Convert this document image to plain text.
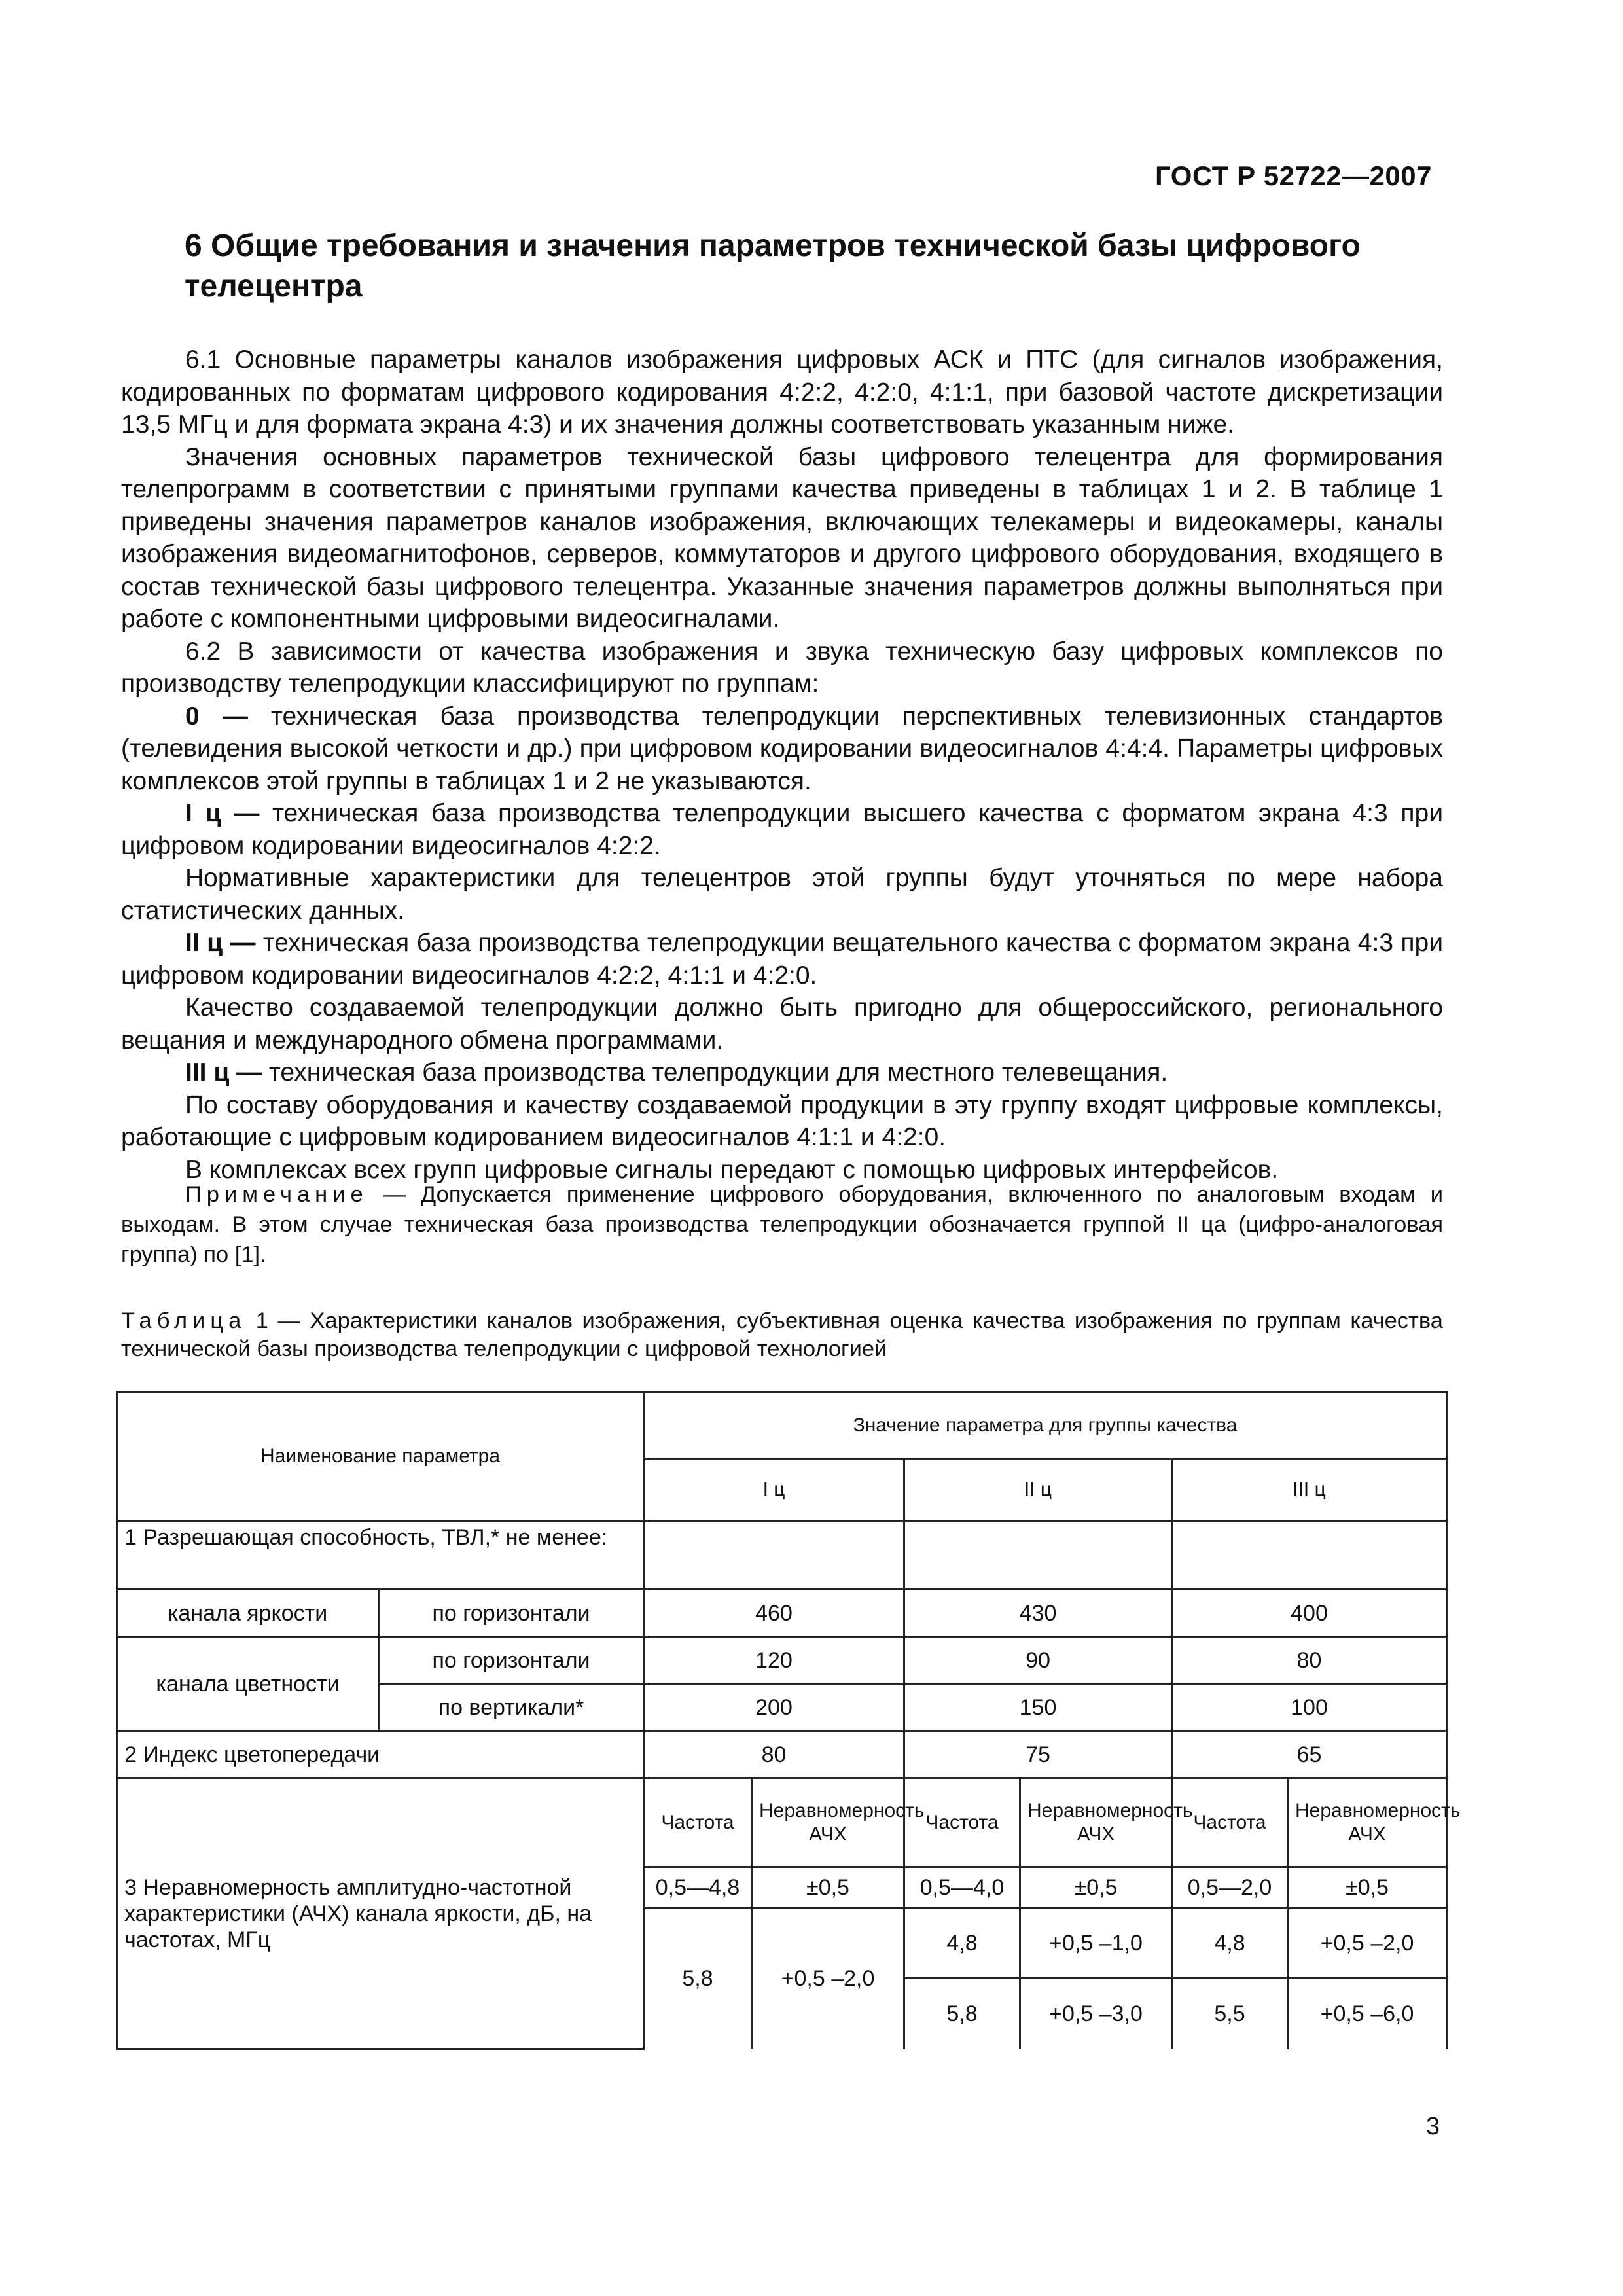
ГОСТ Р 52722—2007
6 Общие требования и значения параметров технической базы цифрового телецентра

6.1 Основные параметры каналов изображения цифровых АСК и ПТС (для сигналов изображения, кодированных по форматам цифрового кодирования 4:2:2, 4:2:0, 4:1:1, при базовой частоте дискретизации 13,5 МГц и для формата экрана 4:3) и их значения должны соответствовать указанным ниже.

Значения основных параметров технической базы цифрового телецентра для формирования телепрограмм в соответствии с принятыми группами качества приведены в таблицах 1 и 2. В таблице 1 приведены значения параметров каналов изображения, включающих телекамеры и видеокамеры, каналы изображения видеомагнитофонов, серверов, коммутаторов и другого цифрового оборудования, входящего в состав технической базы цифрового телецентра. Указанные значения параметров должны выполняться при работе с компонентными цифровыми видеосигналами.

6.2 В зависимости от качества изображения и звука техническую базу цифровых комплексов по производству телепродукции классифицируют по группам:

0 — техническая база производства телепродукции перспективных телевизионных стандартов (телевидения высокой четкости и др.) при цифровом кодировании видеосигналов 4:4:4. Параметры цифровых комплексов этой группы в таблицах 1 и 2 не указываются.

I ц — техническая база производства телепродукции высшего качества с форматом экрана 4:3 при цифровом кодировании видеосигналов 4:2:2.

Нормативные характеристики для телецентров этой группы будут уточняться по мере набора статистических данных.

II ц — техническая база производства телепродукции вещательного качества с форматом экрана 4:3 при цифровом кодировании видеосигналов 4:2:2, 4:1:1 и 4:2:0.

Качество создаваемой телепродукции должно быть пригодно для общероссийского, регионального вещания и международного обмена программами.

III ц — техническая база производства телепродукции для местного телевещания.

По составу оборудования и качеству создаваемой продукции в эту группу входят цифровые комплексы, работающие с цифровым кодированием видеосигналов 4:1:1 и 4:2:0.

В комплексах всех групп цифровые сигналы передают с помощью цифровых интерфейсов.

Примечание — Допускается применение цифрового оборудования, включенного по аналоговым входам и выходам. В этом случае техническая база производства телепродукции обозначается группой II ца (цифро-аналоговая группа) по [1].

Таблица 1 — Характеристики каналов изображения, субъективная оценка качества изображения по группам качества технической базы производства телепродукции с цифровой технологией

Наименование параметра		Значение параметра для группы качества					
		I ц		II ц		III ц	
1 Разрешающая способность, ТВЛ,* не менее:							
канала яркости	по горизонтали	460		430		400	
канала цветности	по горизонтали	120		90		80	
	по вертикали*	200		150		100	
2 Индекс цветопередачи		80		75		65	
3 Неравномерность амплитудно-частотной характеристики (АЧХ) канала яркости, дБ, на частотах, МГц		Частота	Неравномерность АЧХ	Частота	Неравномерность АЧХ	Частота	Неравномерность АЧХ
		0,5—4,8	±0,5	0,5—4,0	±0,5	0,5—2,0	±0,5
		5,8	+0,5 –2,0	4,8	+0,5 –1,0	4,8	+0,5 –2,0
				5,8	+0,5 –3,0	5,5	+0,5 –6,0
3
